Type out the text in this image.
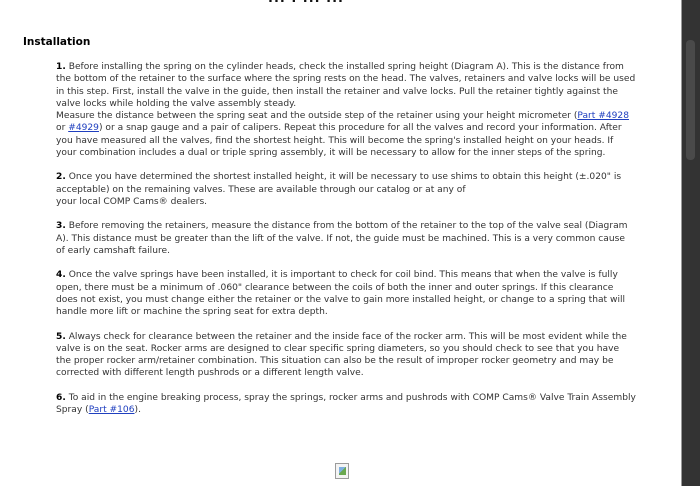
Installation

1. Before installing the spring on the cylinder heads, check the installed spring height (Diagram A). This is the distance from the bottom of the retainer to the surface where the spring rests on the head. The valves, retainers and valve locks will be used in this step. First, install the valve in the guide, then install the retainer and valve locks. Pull the retainer tightly against the valve locks while holding the valve assembly steady.
Measure the distance between the spring seat and the outside step of the retainer using your height micrometer (Part #4928 or #4929) or a snap gauge and a pair of calipers. Repeat this procedure for all the valves and record your information. After you have measured all the valves, find the shortest height. This will become the spring's installed height on your heads. If your combination includes a dual or triple spring assembly, it will be necessary to allow for the inner steps of the spring.

2. Once you have determined the shortest installed height, it will be necessary to use shims to obtain this height (±.020" is acceptable) on the remaining valves. These are available through our catalog or at any of
your local COMP Cams® dealers.

3. Before removing the retainers, measure the distance from the bottom of the retainer to the top of the valve seal (Diagram A). This distance must be greater than the lift of the valve. If not, the guide must be machined. This is a very common cause of early camshaft failure.

4. Once the valve springs have been installed, it is important to check for coil bind. This means that when the valve is fully open, there must be a minimum of .060" clearance between the coils of both the inner and outer springs. If this clearance does not exist, you must change either the retainer or the valve to gain more installed height, or change to a spring that will handle more lift or machine the spring seat for extra depth.

5. Always check for clearance between the retainer and the inside face of the rocker arm. This will be most evident while the valve is on the seat. Rocker arms are designed to clear specific spring diameters, so you should check to see that you have the proper rocker arm/retainer combination. This situation can also be the result of improper rocker geometry and may be corrected with different length pushrods or a different length valve.

6. To aid in the engine breaking process, spray the springs, rocker arms and pushrods with COMP Cams® Valve Train Assembly Spray (Part #106).
